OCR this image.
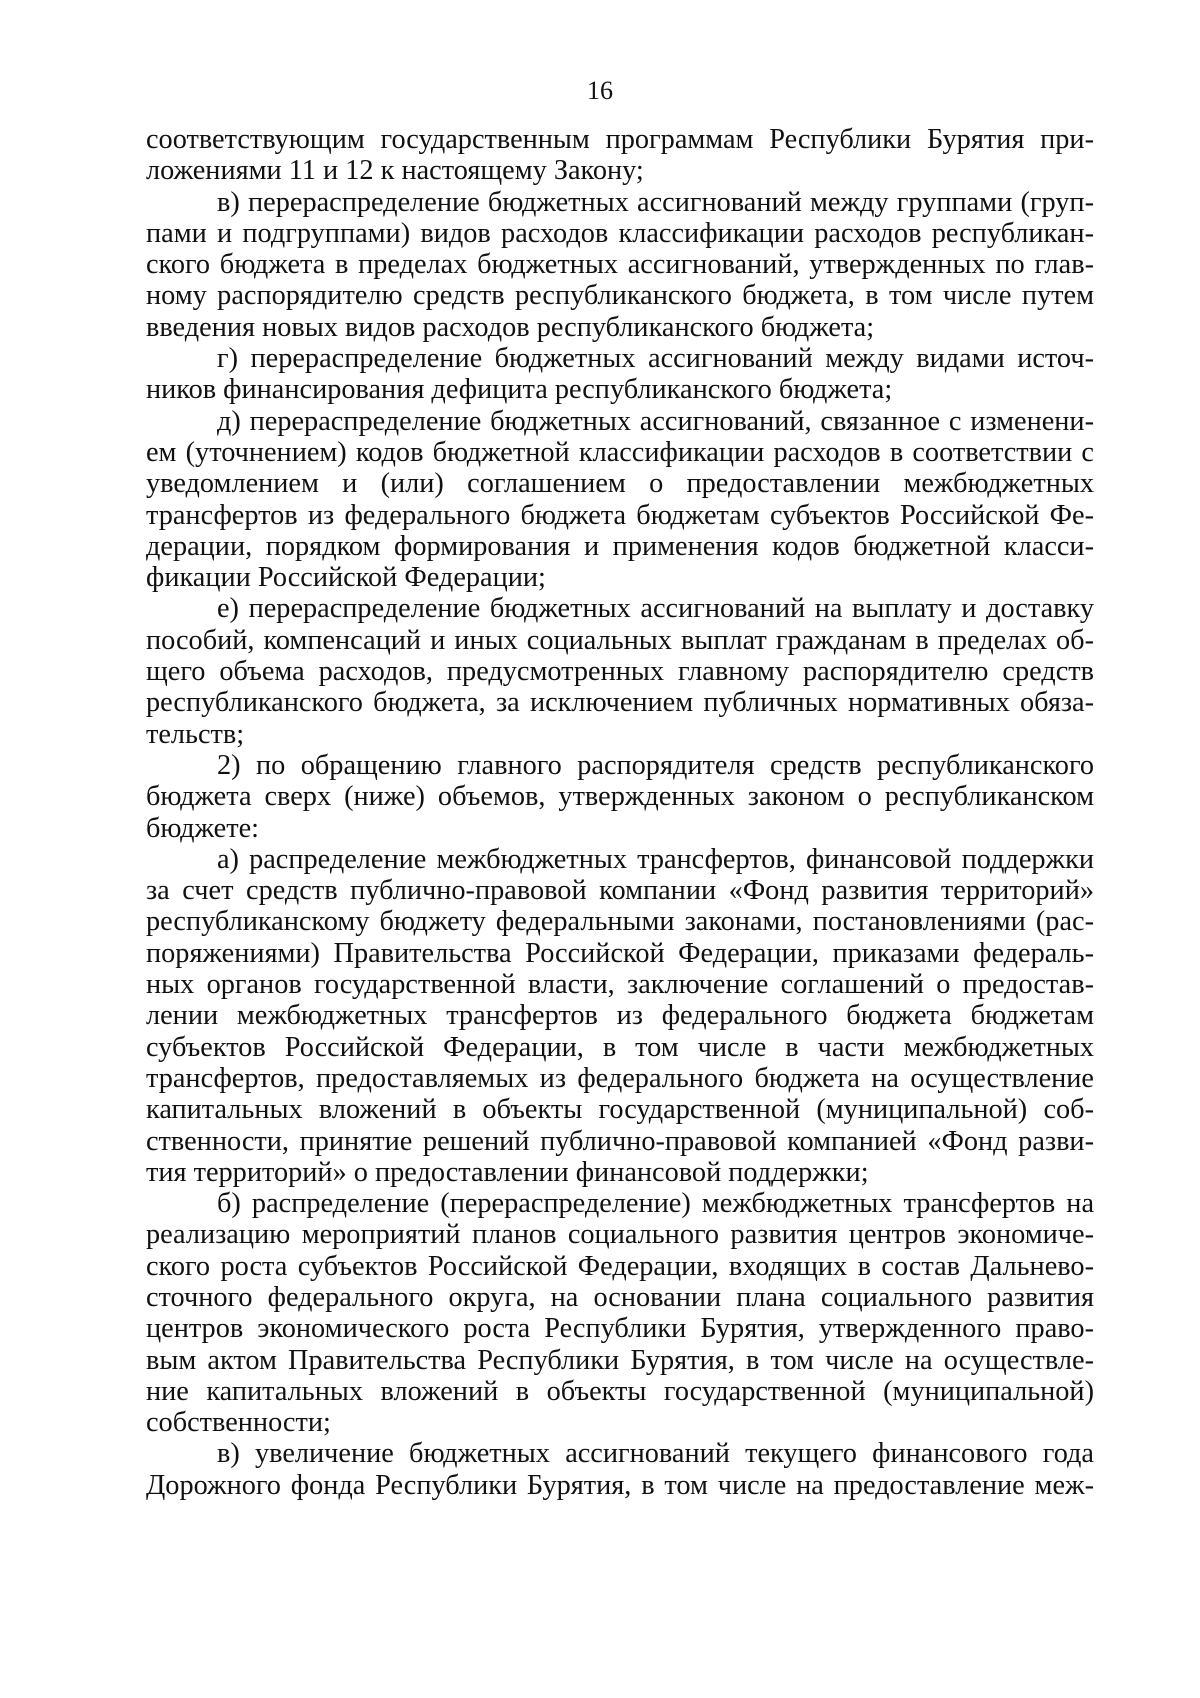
16
соответствующим государственным программам Республики Бурятия при-
ложениями 11 и 12 к настоящему Закону;
в) перераспределение бюджетных ассигнований между группами (груп-
пами и подгруппами) видов расходов классификации расходов республикан-
ского бюджета в пределах бюджетных ассигнований, утвержденных по глав-
ному распорядителю средств республиканского бюджета, в том числе путем
введения новых видов расходов республиканского бюджета;
г) перераспределение бюджетных ассигнований между видами источ-
ников финансирования дефицита республиканского бюджета;
д) перераспределение бюджетных ассигнований, связанное с изменени-
ем (уточнением) кодов бюджетной классификации расходов в соответствии с
уведомлением и (или) соглашением о предоставлении межбюджетных
трансфертов из федерального бюджета бюджетам субъектов Российской Фе-
дерации, порядком формирования и применения кодов бюджетной класси-
фикации Российской Федерации;
е) перераспределение бюджетных ассигнований на выплату и доставку
пособий, компенсаций и иных социальных выплат гражданам в пределах об-
щего объема расходов, предусмотренных главному распорядителю средств
республиканского бюджета, за исключением публичных нормативных обяза-
тельств;
2) по обращению главного распорядителя средств республиканского
бюджета сверх (ниже) объемов, утвержденных законом о республиканском
бюджете:
а) распределение межбюджетных трансфертов, финансовой поддержки
за счет средств публично-правовой компании «Фонд развития территорий»
республиканскому бюджету федеральными законами, постановлениями (рас-
поряжениями) Правительства Российской Федерации, приказами федераль-
ных органов государственной власти, заключение соглашений о предостав-
лении межбюджетных трансфертов из федерального бюджета бюджетам
субъектов Российской Федерации, в том числе в части межбюджетных
трансфертов, предоставляемых из федерального бюджета на осуществление
капитальных вложений в объекты государственной (муниципальной) соб-
ственности, принятие решений публично-правовой компанией «Фонд разви-
тия территорий» о предоставлении финансовой поддержки;
б) распределение (перераспределение) межбюджетных трансфертов на
реализацию мероприятий планов социального развития центров экономиче-
ского роста субъектов Российской Федерации, входящих в состав Дальнево-
сточного федерального округа, на основании плана социального развития
центров экономического роста Республики Бурятия, утвержденного право-
вым актом Правительства Республики Бурятия, в том числе на осуществле-
ние капитальных вложений в объекты государственной (муниципальной)
собственности;
в) увеличение бюджетных ассигнований текущего финансового года
Дорожного фонда Республики Бурятия, в том числе на предоставление меж-
